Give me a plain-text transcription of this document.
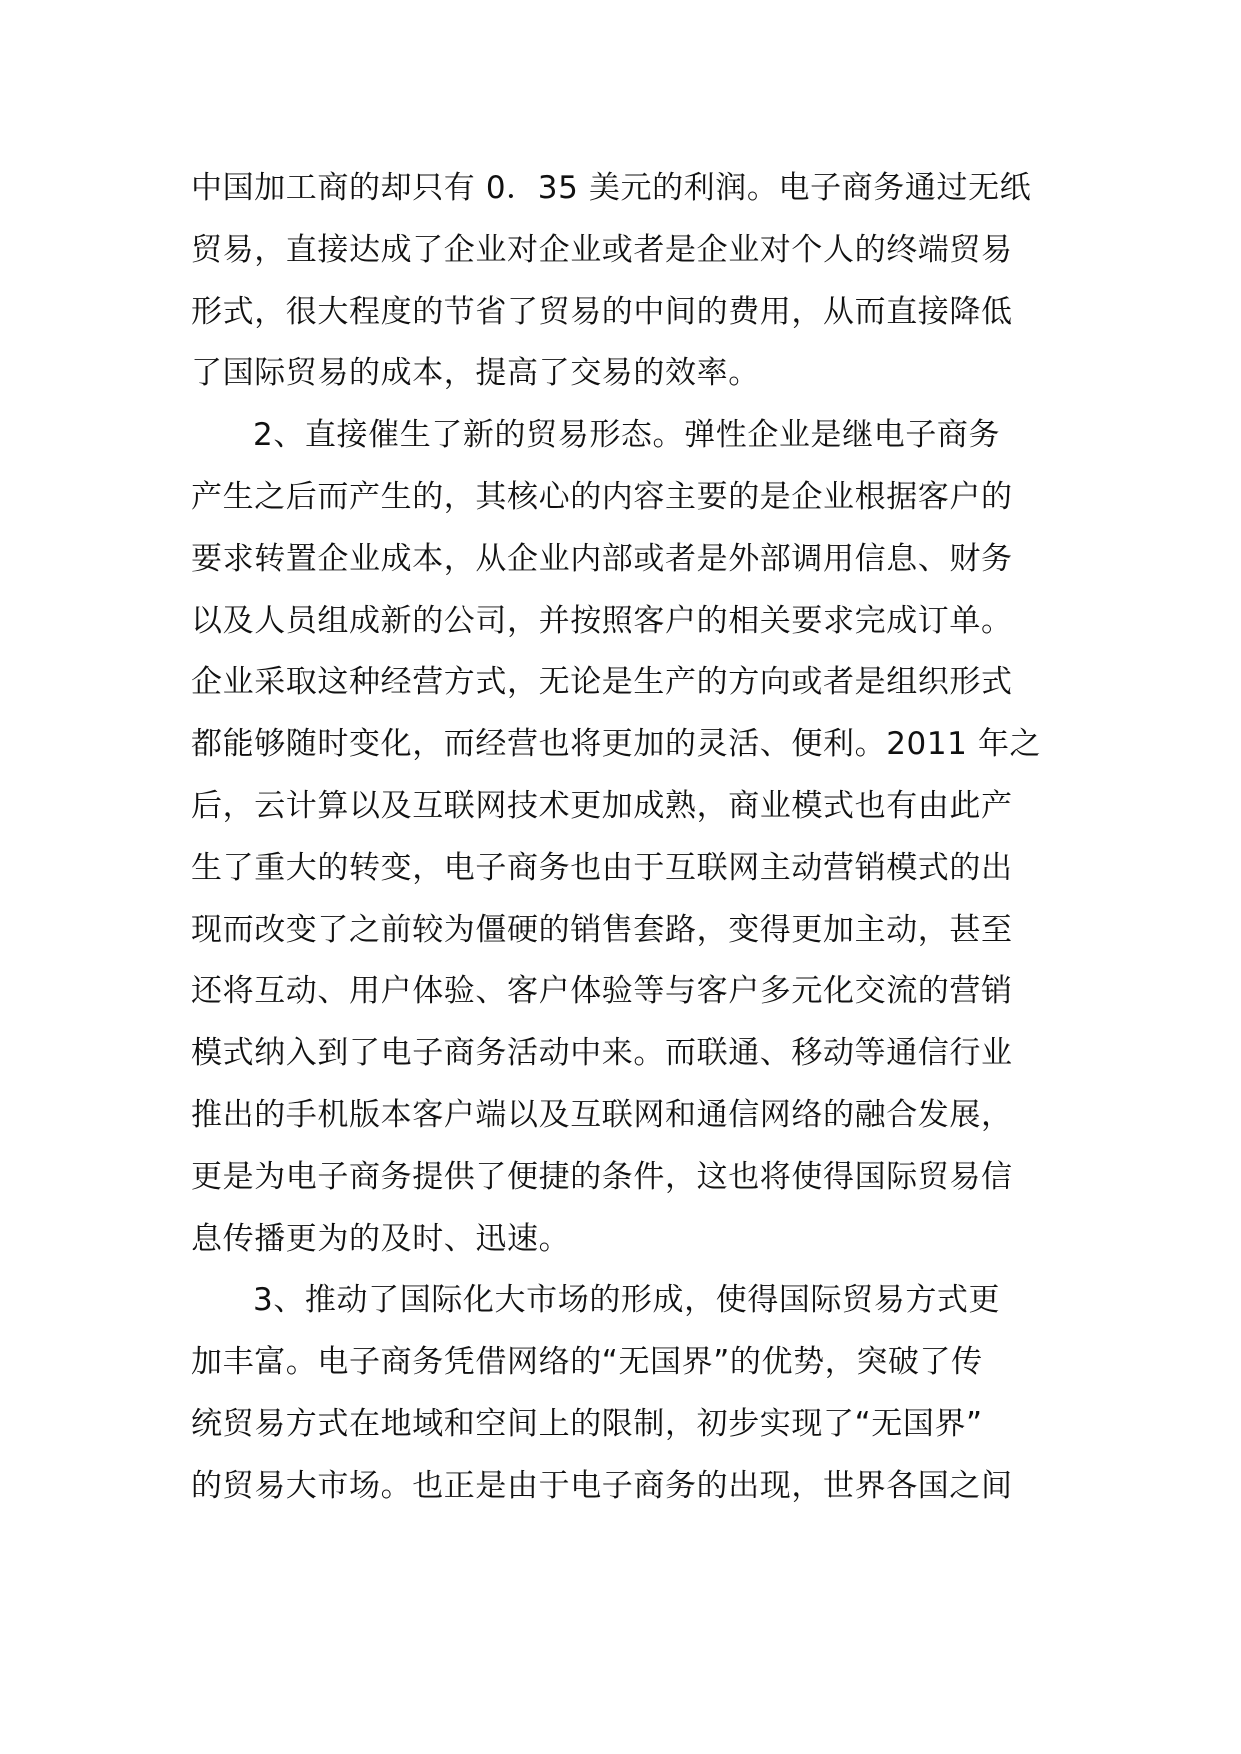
中国加工商的却只有 0．35 美元的利润。电子商务通过无纸
贸易，直接达成了企业对企业或者是企业对个人的终端贸易
形式，很大程度的节省了贸易的中间的费用，从而直接降低
了国际贸易的成本，提高了交易的效率。
2、直接催生了新的贸易形态。弹性企业是继电子商务
产生之后而产生的，其核心的内容主要的是企业根据客户的
要求转置企业成本，从企业内部或者是外部调用信息、财务
以及人员组成新的公司，并按照客户的相关要求完成订单。
企业采取这种经营方式，无论是生产的方向或者是组织形式
都能够随时变化，而经营也将更加的灵活、便利。2011 年之
后，云计算以及互联网技术更加成熟，商业模式也有由此产
生了重大的转变，电子商务也由于互联网主动营销模式的出
现而改变了之前较为僵硬的销售套路，变得更加主动，甚至
还将互动、用户体验、客户体验等与客户多元化交流的营销
模式纳入到了电子商务活动中来。而联通、移动等通信行业
推出的手机版本客户端以及互联网和通信网络的融合发展，
更是为电子商务提供了便捷的条件，这也将使得国际贸易信
息传播更为的及时、迅速。
3、推动了国际化大市场的形成，使得国际贸易方式更
加丰富。电子商务凭借网络的“无国界”的优势，突破了传
统贸易方式在地域和空间上的限制，初步实现了“无国界”
的贸易大市场。也正是由于电子商务的出现，世界各国之间
